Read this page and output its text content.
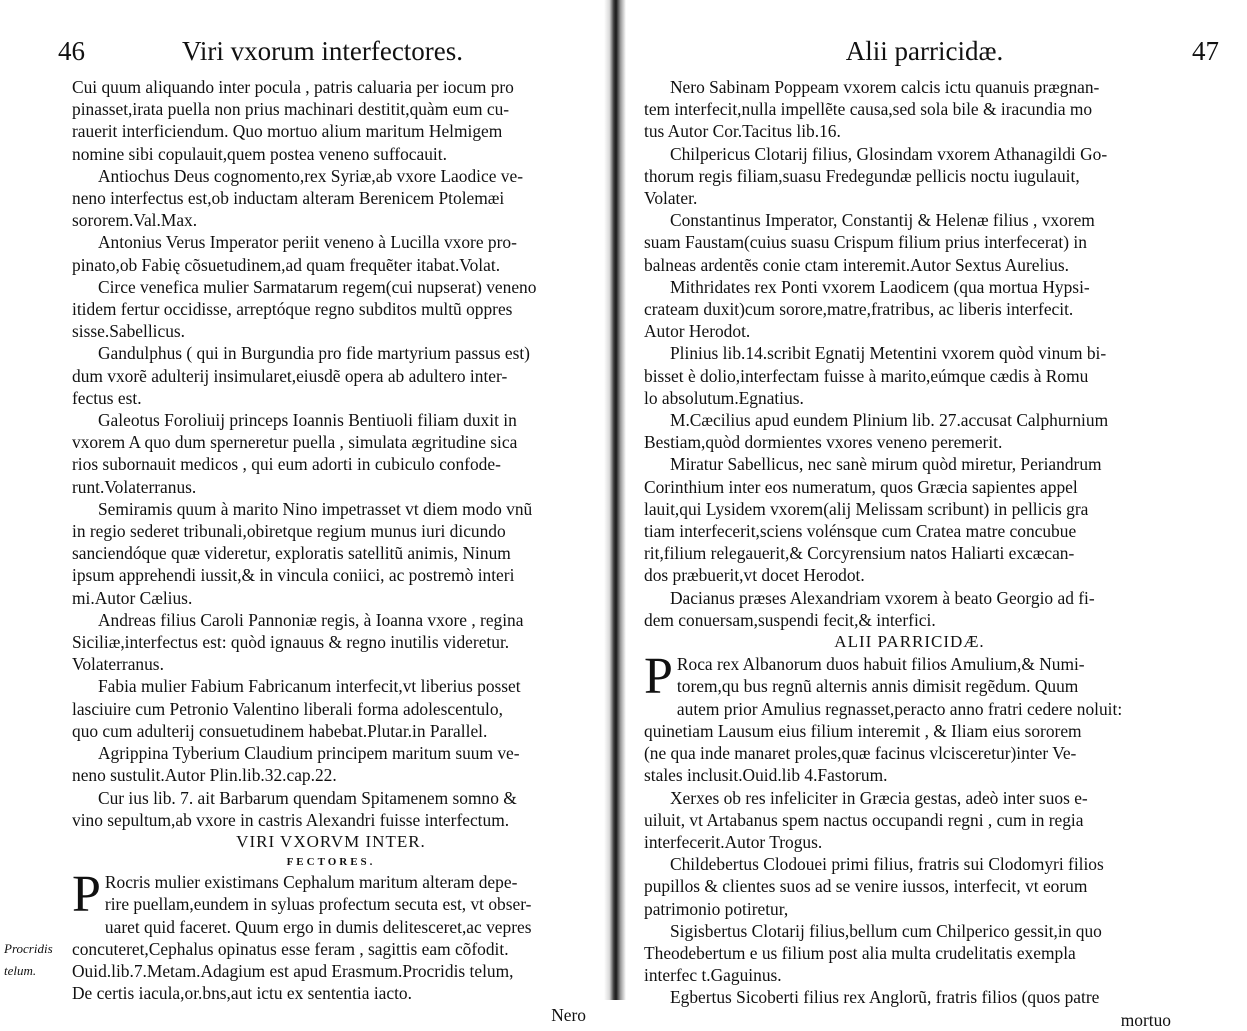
46	Viri vxorum interfectores.
Cui quum aliquando inter pocula , patris caluaria per iocum pro
pinasset,irata puella non prius machinari destitit,quàm eum cu-
rauerit interficiendum. Quo mortuo alium maritum Helmigem
nomine sibi copulauit,quem postea veneno suffocauit.
Antiochus Deus cognomento,rex Syriæ,ab vxore Laodice ve-
neno interfectus est,ob inductam alteram Berenicem Ptolemæi
sororem.Val.Max.
Antonius Verus Imperator periit veneno à Lucilla vxore pro-
pinato,ob Fabię cõsuetudinem,ad quam frequẽter itabat.Volat.
Circe venefica mulier Sarmatarum regem(cui nupserat) veneno
itidem fertur occidisse, arreptóque regno subditos multũ oppres
sisse.Sabellicus.
Gandulphus ( qui in Burgundia pro fide martyrium passus est)
dum vxorẽ adulterij insimularet,eiusdẽ opera ab adultero inter-
fectus est.
Galeotus Foroliuij princeps Ioannis Bentiuoli filiam duxit in
vxorem A quo dum sperneretur puella , simulata ægritudine sica
rios subornauit medicos , qui eum adorti in cubiculo confode-
runt.Volaterranus.
Semiramis quum à marito Nino impetrasset vt diem modo vnũ
in regio sederet tribunali,obiretque regium munus iuri dicundo
sanciendóque quæ videretur, exploratis satellitũ animis, Ninum
ipsum apprehendi iussit,& in vincula coniici, ac postremò interi
mi.Autor Cælius.
Andreas filius Caroli Pannoniæ regis, à Ioanna vxore , regina
Siciliæ,interfectus est: quòd ignauus & regno inutilis videretur.
Volaterranus.
Fabia mulier Fabium Fabricanum interfecit,vt liberius posset
lasciuire cum Petronio Valentino liberali forma adolescentulo,
quo cum adulterij consuetudinem habebat.Plutar.in Parallel.
Agrippina Tyberium Claudium principem maritum suum ve-
neno sustulit.Autor Plin.lib.32.cap.22.
Cur ius lib. 7. ait Barbarum quendam Spitamenem somno &
vino sepultum,ab vxore in castris Alexandri fuisse interfectum.
VIRI VXORVM INTER.
FECTORES.
P Rocris mulier existimans Cephalum maritum alteram depe-
rire puellam,eundem in syluas profectum secuta est, vt obser-
uaret quid faceret. Quum ergo in dumis delitesceret,ac vepres
concuteret,Cephalus opinatus esse feram , sagittis eam cõfodit.
Ouid.lib.7.Metam.Adagium est apud Erasmum.Procridis telum,
De certis iacula,or.bns,aut ictu ex sententia iacto.
Nero
Procridis
telum.
Alii parricidæ.	47
Nero Sabinam Poppeam vxorem calcis ictu quanuis prægnan-
tem interfecit,nulla impellẽte causa,sed sola bile & iracundia mo
tus Autor Cor.Tacitus lib.16.
Chilpericus Clotarij filius, Glosindam vxorem Athanagildi Go-
thorum regis filiam,suasu Fredegundæ pellicis noctu iugulauit,
Volater.
Constantinus Imperator, Constantij & Helenæ filius , vxorem
suam Faustam(cuius suasu Crispum filium prius interfecerat) in
balneas ardentẽs conie ctam interemit.Autor Sextus Aurelius.
Mithridates rex Ponti vxorem Laodicem (qua mortua Hypsi-
crateam duxit)cum sorore,matre,fratribus, ac liberis interfecit.
Autor Herodot.
Plinius lib.14.scribit Egnatij Metentini vxorem quòd vinum bi-
bisset è dolio,interfectam fuisse à marito,eúmque cædis à Romu
lo absolutum.Egnatius.
M.Cæcilius apud eundem Plinium lib. 27.accusat Calphurnium
Bestiam,quòd dormientes vxores veneno peremerit.
Miratur Sabellicus, nec sanè mirum quòd miretur, Periandrum
Corinthium inter eos numeratum, quos Græcia sapientes appel
lauit,qui Lysidem vxorem(alij Melissam scribunt) in pellicis gra
tiam interfecerit,sciens volénsque cum Cratea matre concubue
rit,filium relegauerit,& Corcyrensium natos Haliarti excæcan-
dos præbuerit,vt docet Herodot.
Dacianus præses Alexandriam vxorem à beato Georgio ad fi-
dem conuersam,suspendi fecit,& interfici.
ALII PARRICIDÆ.
P Roca rex Albanorum duos habuit filios Amulium,& Numi-
torem,qu bus regnũ alternis annis dimisit regẽdum. Quum
autem prior Amulius regnasset,peracto anno fratri cedere noluit:
quinetiam Lausum eius filium interemit , & Iliam eius sororem
(ne qua inde manaret proles,quæ facinus vlcisceretur)inter Ve-
stales inclusit.Ouid.lib 4.Fastorum.
Xerxes ob res infeliciter in Græcia gestas, adeò inter suos e-
uiluit, vt Artabanus spem nactus occupandi regni , cum in regia
interfecerit.Autor Trogus.
Childebertus Clodouei primi filius, fratris sui Clodomyri filios
pupillos & clientes suos ad se venire iussos, interfecit, vt eorum
patrimonio potiretur,
Sigisbertus Clotarij filius,bellum cum Chilperico gessit,in quo
Theodebertum e us filium post alia multa crudelitatis exempla
interfec t.Gaguinus.
Egbertus Sicoberti filius rex Anglorũ, fratris filios (quos patre
mortuo
